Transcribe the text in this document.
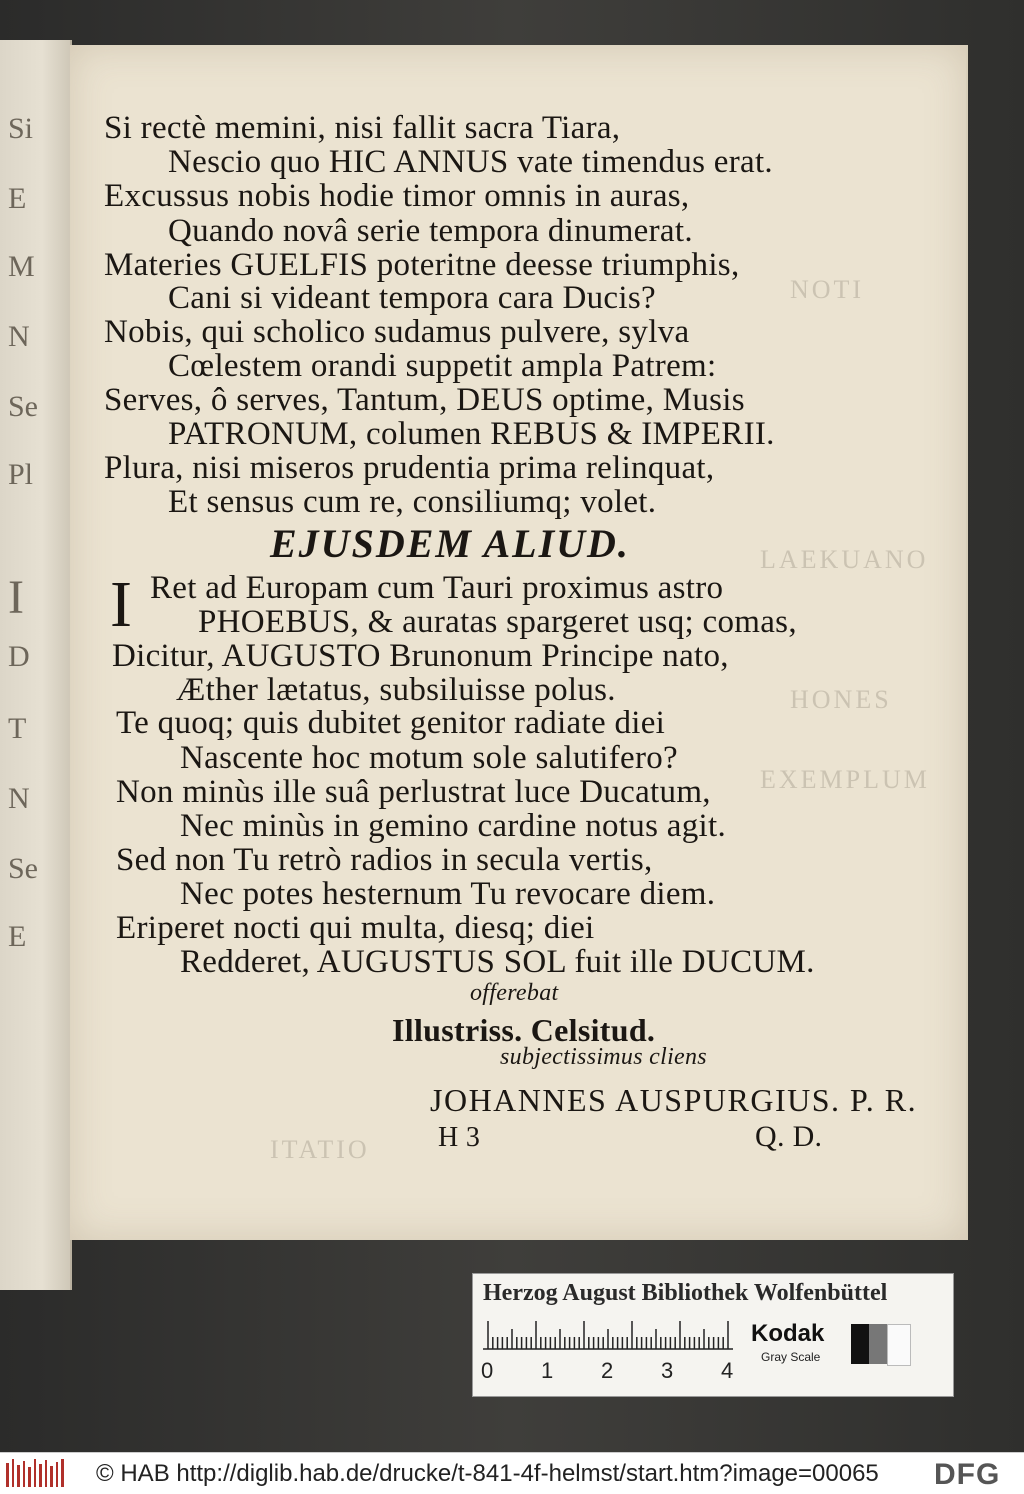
Si
E
M
N
Se
Pl
I
D
T
N
Se
E
NOTI
LAEKUANO
HONES
EXEMPLUM
ITATIO
Si rectè memini, nisi fallit sacra Tiara,
Nescio quo HIC ANNUS vate timendus erat.
Excussus nobis hodie timor omnis in auras,
Quando novâ serie tempora dinumerat.
Materies GUELFIS poteritne deesse triumphis,
Cani si videant tempora cara Ducis?
Nobis, qui scholico sudamus pulvere, sylva
Cœlestem orandi suppetit ampla Patrem:
Serves, ô serves, Tantum, DEUS optime, Musis
PATRONUM, columen REBUS & IMPERII.
Plura, nisi miseros prudentia prima relinquat,
Et sensus cum re, consiliumq; volet.
EJUSDEM ALIUD.
I Ret ad Europam cum Tauri proximus astro
PHOEBUS, & auratas spargeret usq; comas,
Dicitur, AUGUSTO Brunonum Principe nato,
Æther lætatus, subsiluisse polus.
Te quoq; quis dubitet genitor radiate diei
Nascente hoc motum sole salutifero?
Non minùs ille suâ perlustrat luce Ducatum,
Nec minùs in gemino cardine notus agit.
Sed non Tu retrò radios in secula vertis,
Nec potes hesternum Tu revocare diem.
Eriperet nocti qui multa, diesq; diei
Redderet, AUGUSTUS SOL fuit ille DUCUM.
offerebat
Illustriss. Celsitud.
subjectissimus cliens
JOHANNES AUSPURGIUS. P. R.
H 3	Q. D.
Herzog August Bibliothek Wolfenbüttel
0 1 2 3 4
Kodak
Gray Scale
© HAB http://diglib.hab.de/drucke/t-841-4f-helmst/start.htm?image=00065 DFG
